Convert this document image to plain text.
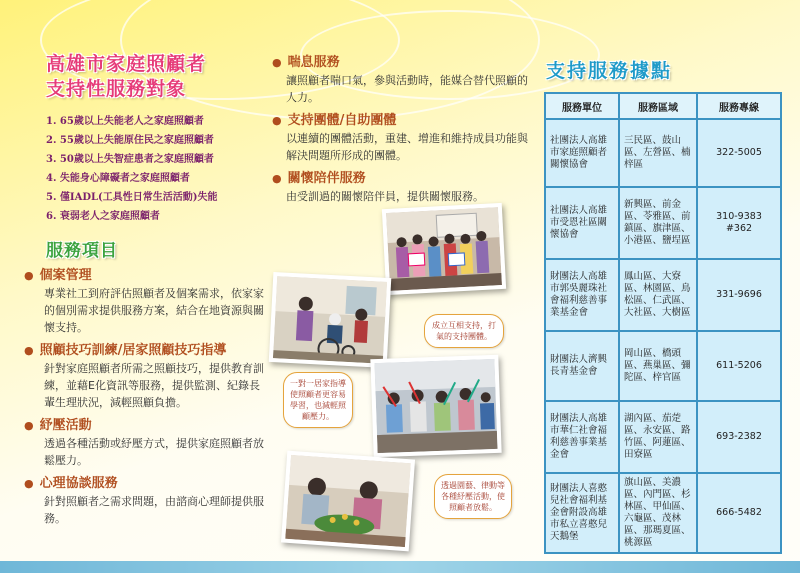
高雄市家庭照顧者
支持性服務對象
1. 65歲以上失能老人之家庭照顧者
2. 55歲以上失能原住民之家庭照顧者
3. 50歲以上失智症患者之家庭照顧者
4. 失能身心障礙者之家庭照顧者
5. 僅IADL(工具性日常生活活動)失能
6. 衰弱老人之家庭照顧者
服務項目
● 個案管理
專業社工到府評估照顧者及個案需求，依家家的個別需求提供服務方案，結合在地資源與關懷支持。
● 照顧技巧訓練/居家照顧技巧指導
針對家庭照顧者所需之照顧技巧，提供教育訓練，並藉E化資訊等服務，提供監測、紀錄長輩生理狀況，減輕照顧負擔。
● 紓壓活動
透過各種活動或紓壓方式，提供家庭照顧者放鬆壓力。
● 心理協談服務
針對照顧者之需求問題，由諮商心理師提供服務。
● 喘息服務
讓照顧者喘口氣，參與活動時，能媒合替代照顧的人力。
● 支持團體/自助團體
以連續的團體活動，重建、增進和維持成員功能與解決問題所形成的團體。
● 關懷陪伴服務
由受訓過的關懷陪伴員，提供關懷服務。
成立互相支持，打氣的支持團體。
一對一居家指導使照顧者更容易學習，也減輕照顧壓力。
透過園藝、律動等各種紓壓活動，使照顧者放鬆。
支持服務據點
服務單位	服務區域	服務專線
社團法人高雄市家庭照顧者關懷協會	三民區、鼓山區、左營區、楠梓區	322-5005
社團法人高雄市受恩社區關懷協會	新興區、前金區、苓雅區、前鎮區、旗津區、小港區、鹽埕區	310-9383
#362
財團法人高雄市郭吳麗珠社會福利慈善事業基金會	鳳山區、大寮區、林園區、鳥松區、仁武區、大社區、大樹區	331-9696
財團法人濟興長青基金會	岡山區、橋頭區、燕巢區、彌陀區、梓官區	611-5206
財團法人高雄市華仁社會福利慈善事業基金會	湖內區、茄萣區、永安區、路竹區、阿蓮區、田寮區	693-2382
財團法人喜憨兒社會福利基金會附設高雄市私立喜憨兒天鵝堡	旗山區、美濃區、內門區、杉林區、甲仙區、六龜區、茂林區、那瑪夏區、桃源區	666-5482
